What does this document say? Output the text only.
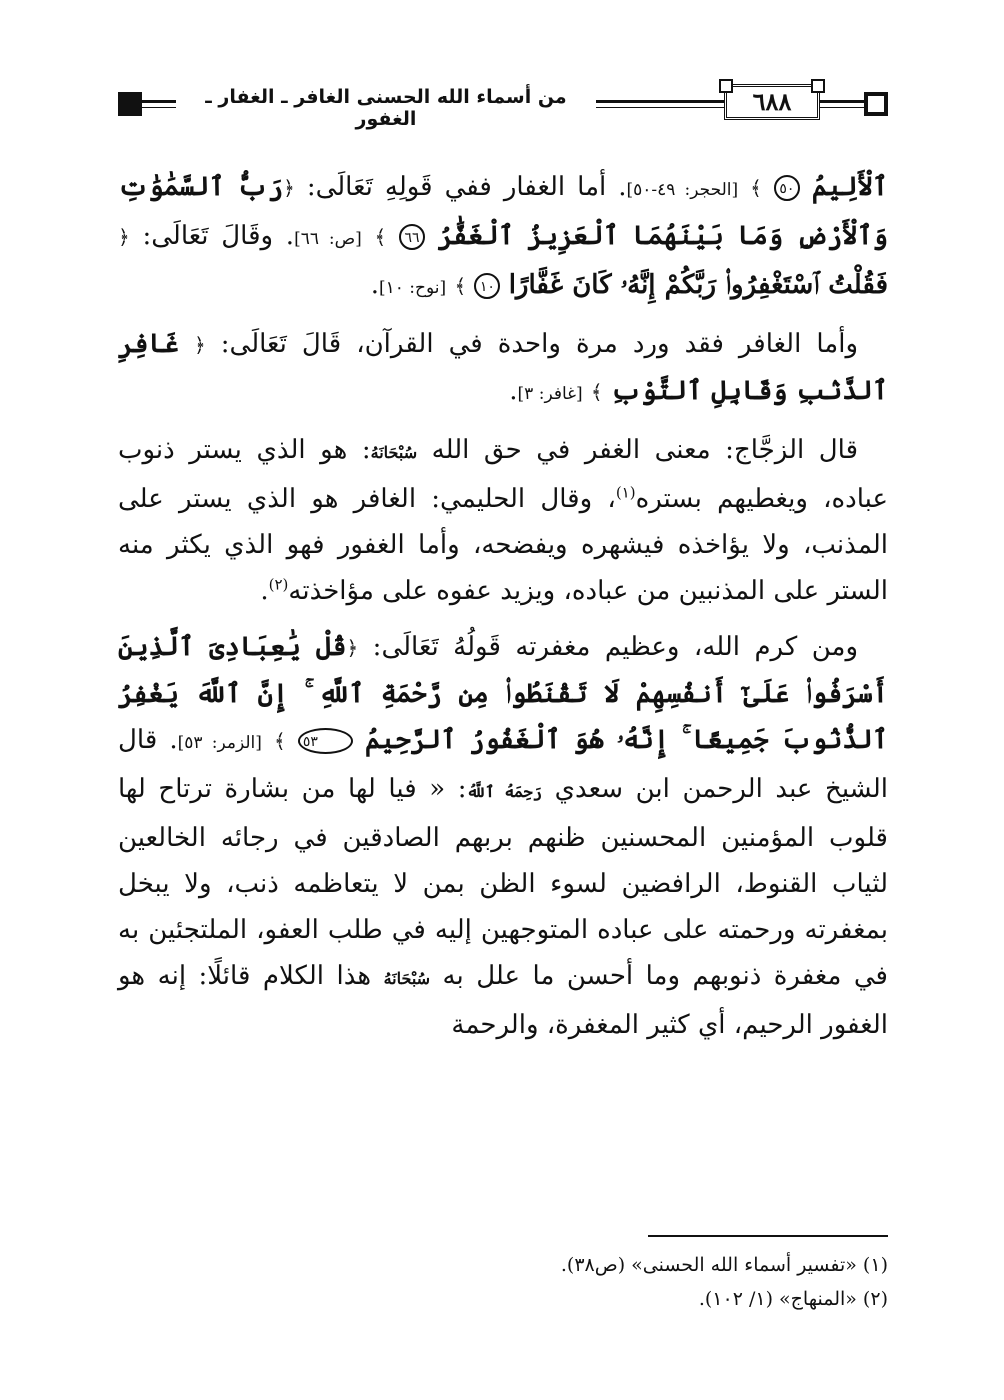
من أسماء الله الحسنى الغافر ـ الغفار ـ الغفور
٦٨٨

ٱلْأَلِيمُ ٥٠ ﴾ [الحجر: ٤٩-٥٠]. أما الغفار ففي قَولِهِ تَعَالَى: ﴿رَبُّ ٱلسَّمَٰوَٰتِ وَٱلْأَرْضِ وَمَا بَيْنَهُمَا ٱلْعَزِيزُ ٱلْغَفَّٰرُ ٦٦ ﴾ [ص: ٦٦]. وقَالَ تَعَالَى: ﴿ فَقُلْتُ ٱسْتَغْفِرُوا۟ رَبَّكُمْ إِنَّهُۥ كَانَ غَفَّارًا ١٠ ﴾ [نوح: ١٠].

وأما الغافر فقد ورد مرة واحدة في القرآن، قَالَ تَعَالَى: ﴿ غَافِرِ ٱلذَّنۢبِ وَقَابِلِ ٱلتَّوْبِ ﴾ [غافر: ٣].

قال الزجَّاج: معنى الغفر في حق الله سُبْحَانَهُ: هو الذي يستر ذنوب عباده، ويغطيهم بستره$^{(١)}$، وقال الحليمي: الغافر هو الذي يستر على المذنب، ولا يؤاخذه فيشهره ويفضحه، وأما الغفور فهو الذي يكثر منه الستر على المذنبين من عباده، ويزيد عفوه على مؤاخذته$^{(٢)}$.

ومن كرم الله، وعظيم مغفرته قَولُهُ تَعَالَى: ﴿قُلْ يَٰعِبَادِىَ ٱلَّذِينَ أَسْرَفُوا۟ عَلَىٰٓ أَنفُسِهِمْ لَا تَقْنَطُوا۟ مِن رَّحْمَةِ ٱللَّهِ ۚ إِنَّ ٱللَّهَ يَغْفِرُ ٱلذُّنُوبَ جَمِيعًا ۚ إِنَّهُۥ هُوَ ٱلْغَفُورُ ٱلرَّحِيمُ ٥٣ ﴾ [الزمر: ٥٣]. قال الشيخ عبد الرحمن ابن سعدي رَحِمَهُ ٱللَّهُ: « فيا لها من بشارة ترتاح لها قلوب المؤمنين المحسنين ظنهم بربهم الصادقين في رجائه الخالعين لثياب القنوط، الرافضين لسوء الظن بمن لا يتعاظمه ذنب، ولا يبخل بمغفرته ورحمته على عباده المتوجهين إليه في طلب العفو، الملتجئين به في مغفرة ذنوبهم وما أحسن ما علل به سُبْحَانَهُ هذا الكلام قائلًا: إنه هو الغفور الرحيم، أي كثير المغفرة، والرحمة

(١) «تفسير أسماء الله الحسنى» (ص٣٨).
(٢) «المنهاج» (١/ ١٠٢).
